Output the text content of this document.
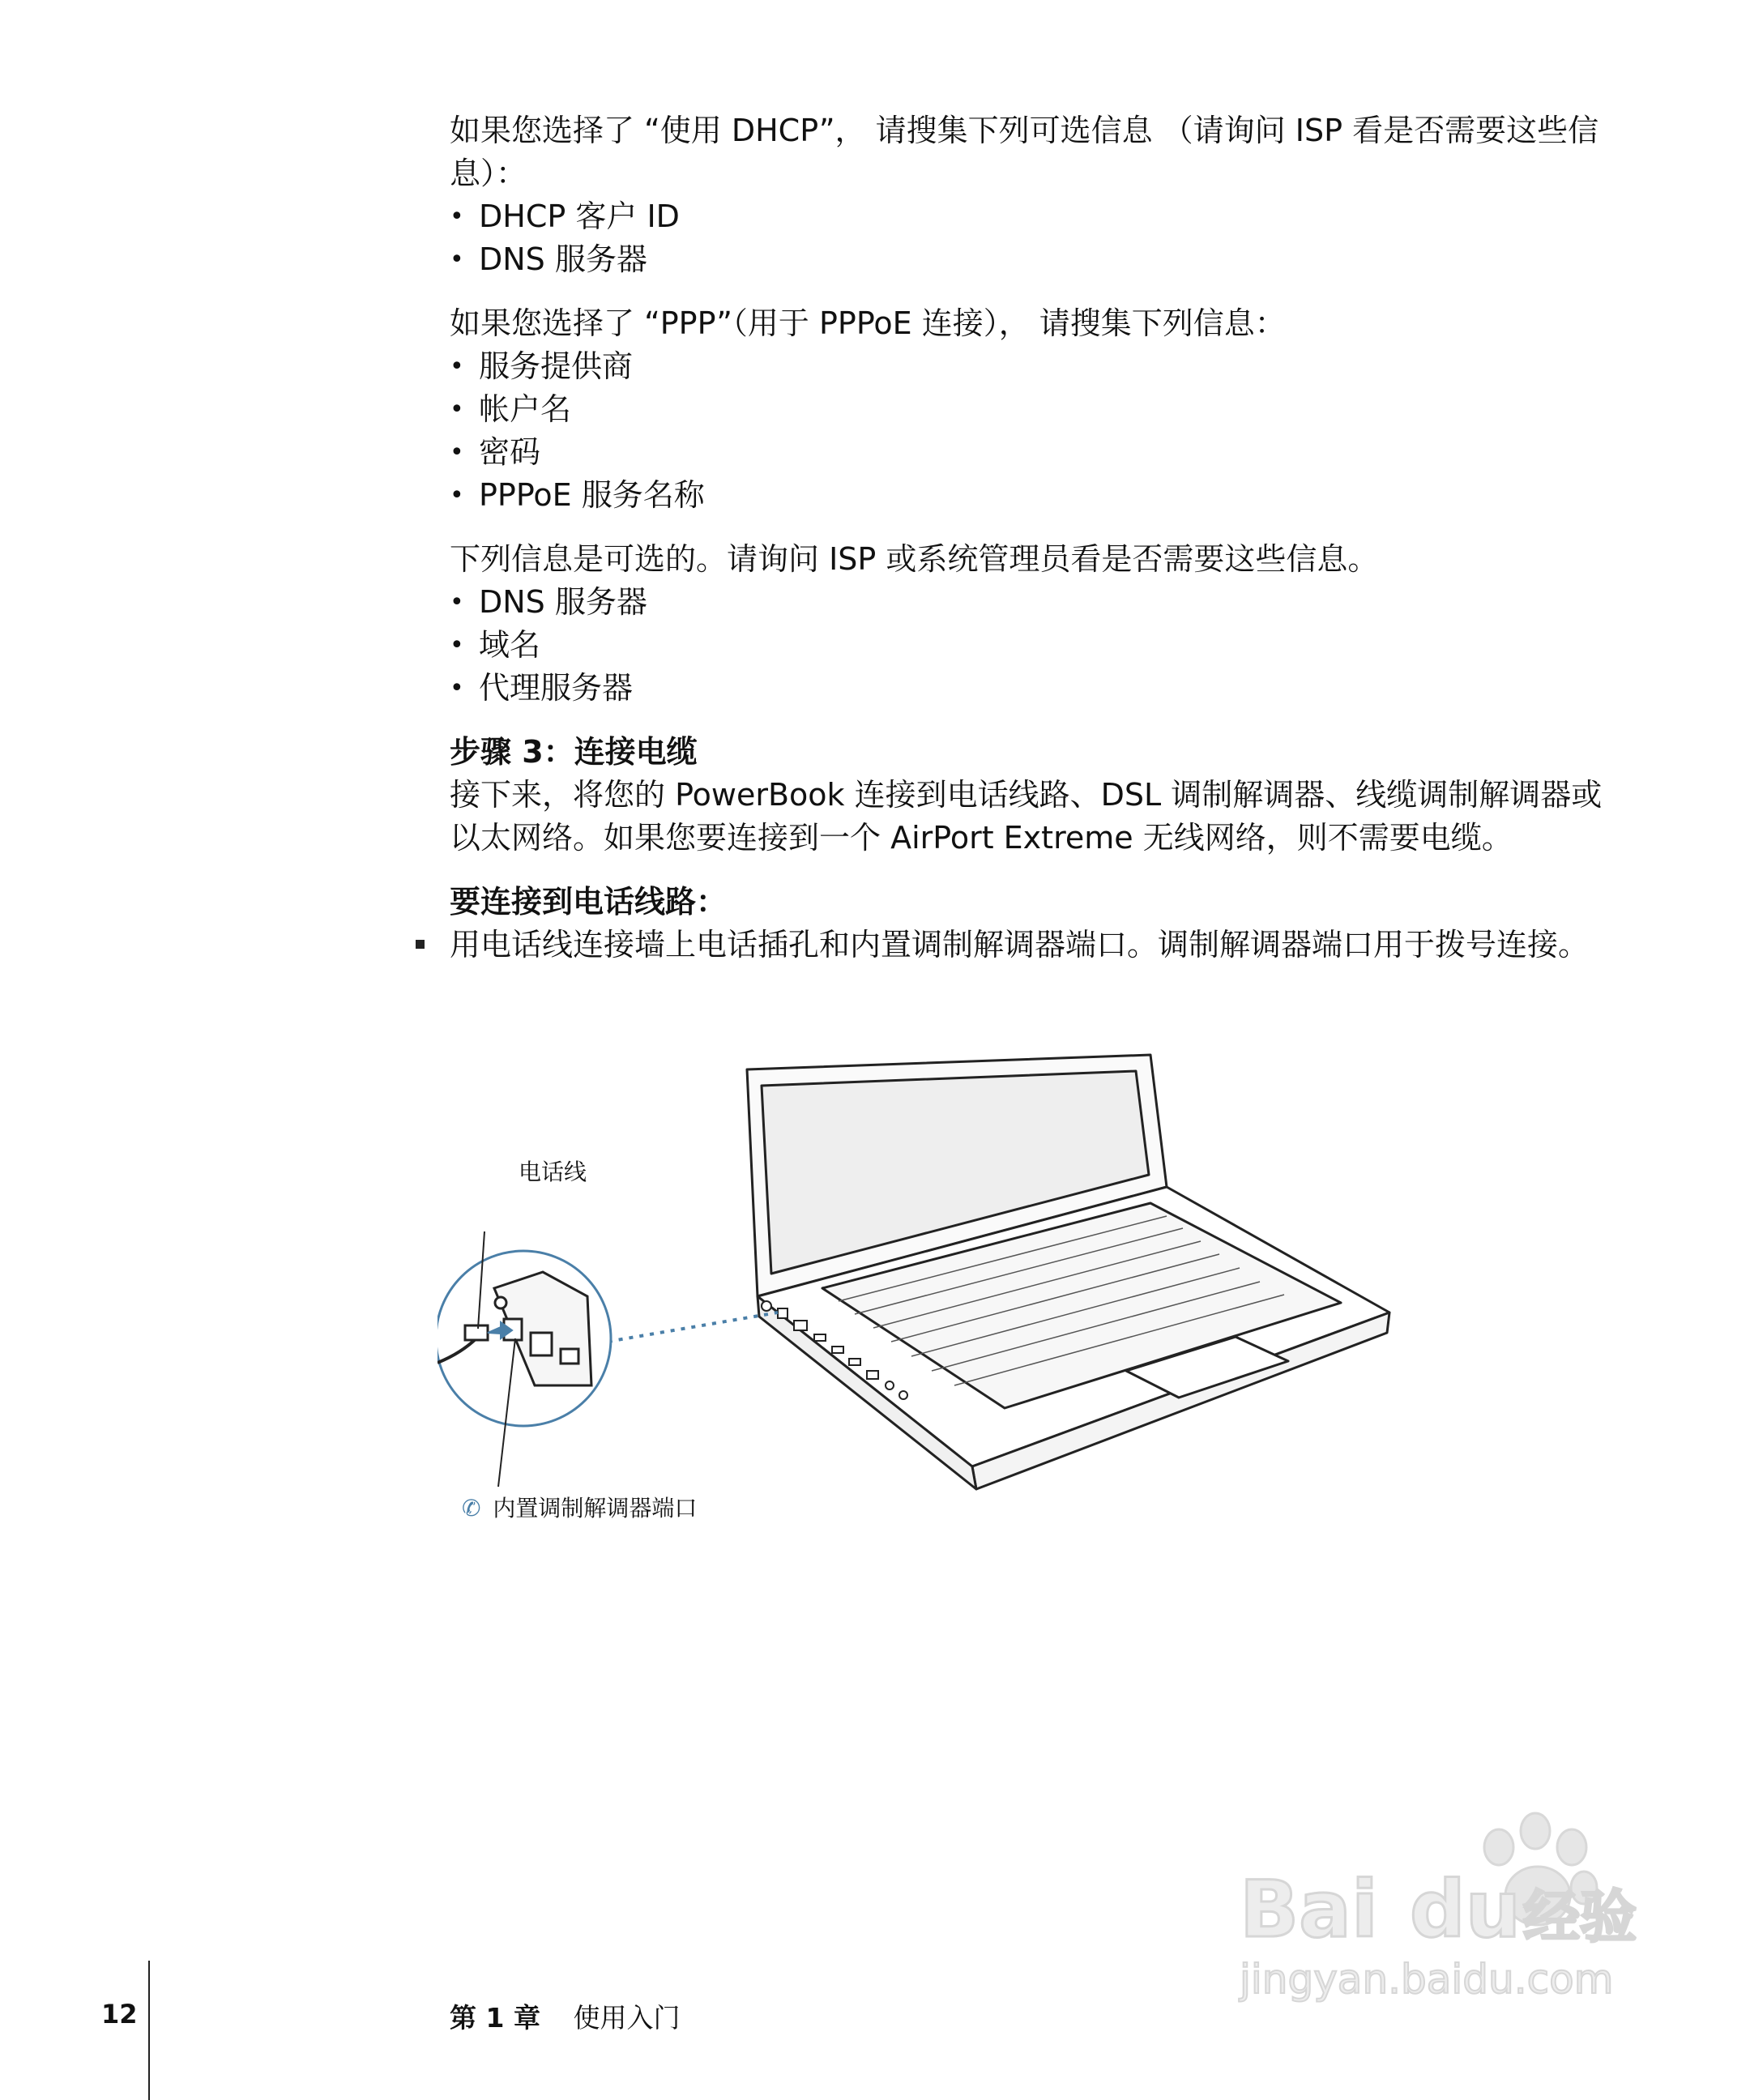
如果您选择了 “使用 DHCP”， 请搜集下列可选信息 （请询问 ISP 看是否需要这些信息）：

• DHCP 客户 ID
• DNS 服务器

如果您选择了 “PPP”（用于 PPPoE 连接）， 请搜集下列信息：

• 服务提供商
• 帐户名
• 密码
• PPPoE 服务名称

下列信息是可选的。请询问 ISP 或系统管理员看是否需要这些信息。

• DNS 服务器
• 域名
• 代理服务器

步骤 3：连接电缆

接下来，将您的 PowerBook 连接到电话线路、DSL 调制解调器、线缆调制解调器或以太网络。如果您要连接到一个 AirPort Extreme 无线网络，则不需要电缆。

要连接到电话线路：

用电话线连接墙上电话插孔和内置调制解调器端口。调制解调器端口用于拨号连接。

电话线
✆ 内置调制解调器端口
Bai du 经验
jingyan.baidu.com
12	第 1 章 使用入门
